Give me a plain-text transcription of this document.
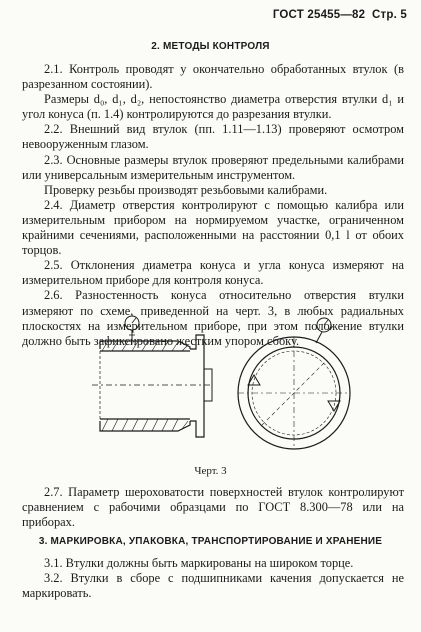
ГОСТ 25455—82 Стр. 5
2. МЕТОДЫ КОНТРОЛЯ

2.1. Контроль проводят у окончательно обработанных втулок (в разрезанном состоянии).

Размеры d₀, d₁, d₂, непостоянство диаметра отверстия втулки d₁ и угол конуса (п. 1.4) контролируются до разрезания втулки.

2.2. Внешний вид втулок (пп. 1.11—1.13) проверяют осмотром невооруженным глазом.

2.3. Основные размеры втулок проверяют предельными калибрами или универсальным измерительным инструментом.

Проверку резьбы производят резьбовыми калибрами.

2.4. Диаметр отверстия контролируют с помощью калибра или измерительным прибором на нормируемом участке, ограниченном крайними сечениями, расположенными на расстоянии 0,1 l от обоих торцов.

2.5. Отклонения диаметра конуса и угла конуса измеряют на измерительном приборе для контроля конуса.

2.6. Разностенность конуса относительно отверстия втулки измеряют по схеме, приведенной на черт. 3, в любых радиальных плоскостях на измерительном приборе, при этом положение втулки должно быть зафиксировано жестким упором сбоку.

Черт. 3

2.7. Параметр шероховатости поверхностей втулок контролируют сравнением с рабочими образцами по ГОСТ 8.300—78 или на приборах.

3. МАРКИРОВКА, УПАКОВКА, ТРАНСПОРТИРОВАНИЕ И ХРАНЕНИЕ

3.1. Втулки должны быть маркированы на широком торце.

3.2. Втулки в сборе с подшипниками качения допускается не маркировать.
